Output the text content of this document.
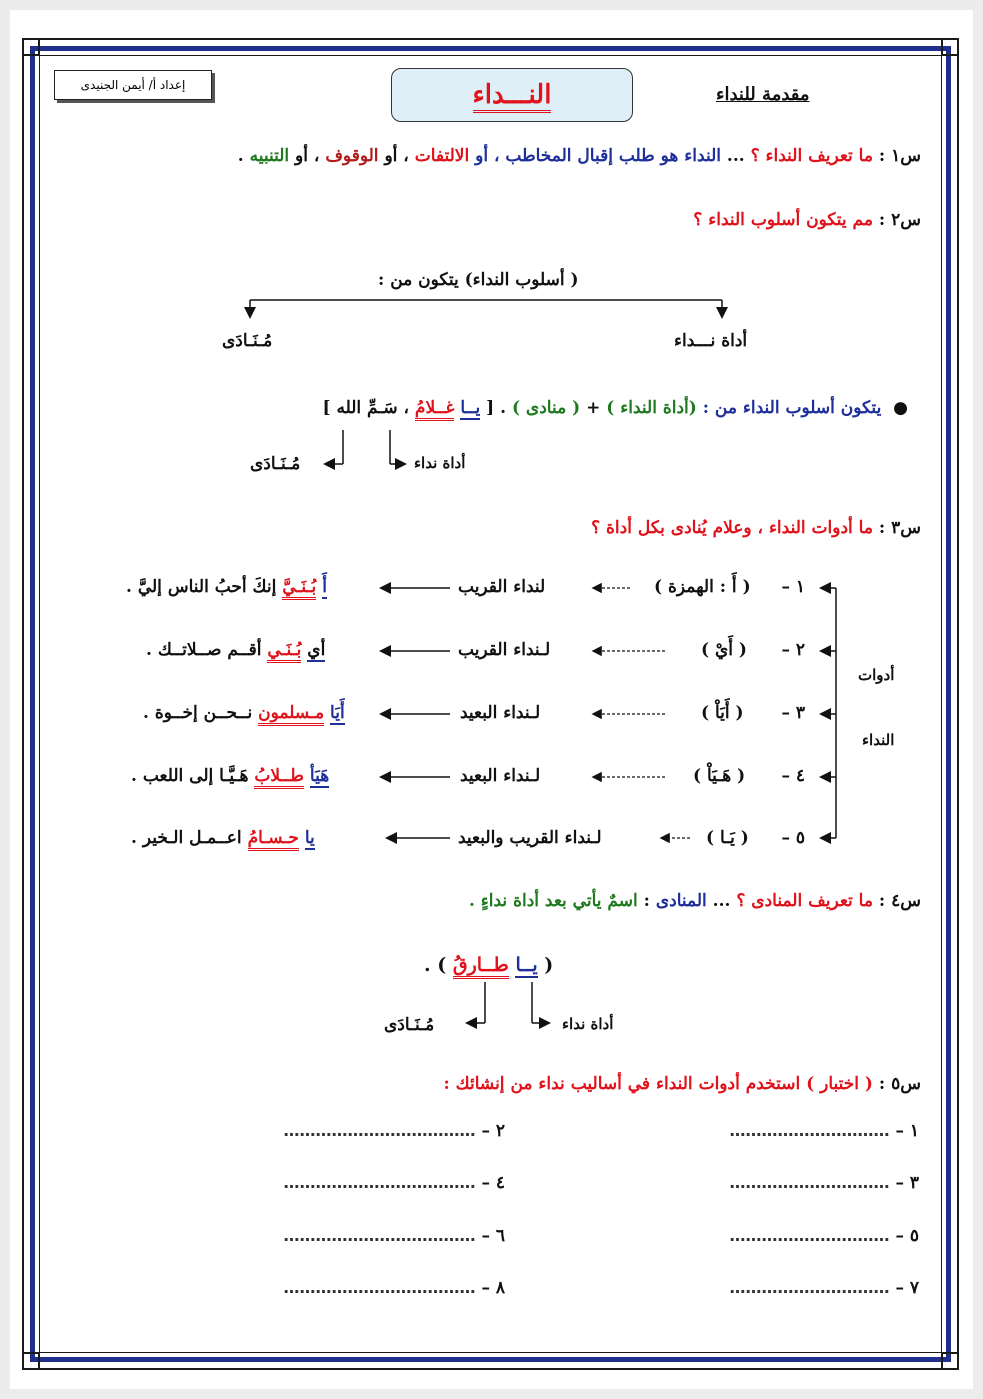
إعداد أ/ أيمن الجنيدى	النـــداء	مقدمة للنداء
س١ : ما تعريف النداء ؟ ... النداء هو طلب إقبال المخاطب ، أو الالتفات ، أو الوقوف ، أو التنبيه .
س٢ : مم يتكون أسلوب النداء ؟
( أسلوب النداء) يتكون من :
مُـنَـادَى	أداة نـــداء
●  يتكون أسلوب النداء من : (أداة النداء ) + ( منادى ) . [ يــا غــلامُ ، سَـمِّ الله ]
أداة نداء
مُـنَـادَى
س٣ : ما أدوات النداء ، وعلام يُنادى بكل أداة ؟
أدوات
النداء
١ –
( أَ : الهمزة )
لنداء القريب
أَ بُـنَـيَّ إنكَ أحبُ الناس إليَّ .
٢ –
( أَيْ )
لـنداء القريب
أي بُـنَـي أقــم صــلاتــك .
٣ –
( أَيَاْ )
لـنداء البعيد
أَيَا مـسلمون نــحــن إخــوة .
٤ –
( هَـيَاْ )
لـنداء البعيد
هَيَأ طــلابُ هَـيَّـا إلى اللعب .
٥ –
( يَـا )
لـنداء القريب والبعيد
يا حـسـامُ اعــمـل الـخير .
س٤ : ما تعريف المنادى ؟ ... المنادى : اسمٌ يأتي بعد أداة نداءٍ .
( يــا طــارقُ ) .
أداة نداء
مُـنَـادَى
س٥ : ( اختبار ) استخدم أدوات النداء في أساليب نداء من إنشائك :
١ – …………………………
٣ – …………………………
٥ – …………………………
٧ – …………………………
٢ – ………………………………
٤ – ………………………………
٦ – ………………………………
٨ – ………………………………
